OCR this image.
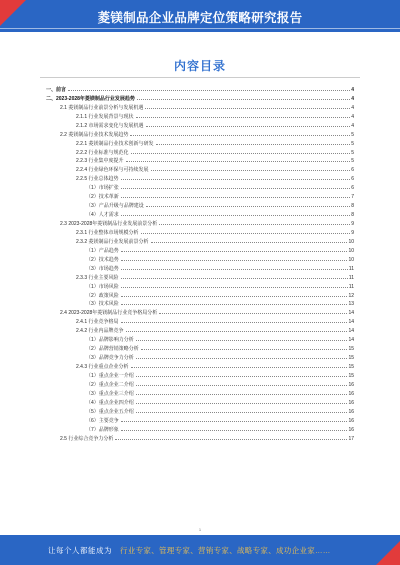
菱镁制品企业品牌定位策略研究报告
内容目录
一、前言	4
二、2023-2028年菱镁制品行业发展趋势	4
2.1 菱镁制品行业前景分析与发展机遇	4
2.1.1 行业发展背景与现状	4
2.1.2 市场需求变化与发展机遇	4
2.2 菱镁制品行业技术发展趋势	5
2.2.1 菱镁制品行业技术创新与研发	5
2.2.2 行业标准与规范化	5
2.2.3 行业集中度提升	5
2.2.4 行业绿色环保与可持续发展	6
2.2.5 行业总体趋势	6
（1）市场扩张	6
（2）技术革新	7
（3）产品升级与品牌建设	8
（4）人才需求	8
2.3 2023-2028年菱镁制品行业发展前景分析	9
2.3.1 行业整体市场规模分析	9
2.3.2 菱镁制品行业发展前景分析	10
（1）产品趋势	10
（2）技术趋势	10
（3）市场趋势	11
2.3.3 行业主要风险	11
（1）市场风险	11
（2）政策风险	12
（3）技术风险	13
2.4 2023-2028年菱镁制品行业竞争格局分析	14
2.4.1 行业竞争格局	14
2.4.2 行业内品牌竞争	14
（1）品牌影响力分析	14
（2）品牌营销策略分析	15
（3）品牌竞争力分析	15
2.4.3 行业重点企业分析	15
（1）重点企业一介绍	15
（2）重点企业二介绍	16
（3）重点企业三介绍	16
（4）重点企业四介绍	16
（5）重点企业五介绍	16
（6）主要竞争	16
（7）品牌形象	16
2.5 行业综合竞争力分析	17
1
让每个人都能成为 行业专家、管理专家、营销专家、战略专家、成功企业家……
